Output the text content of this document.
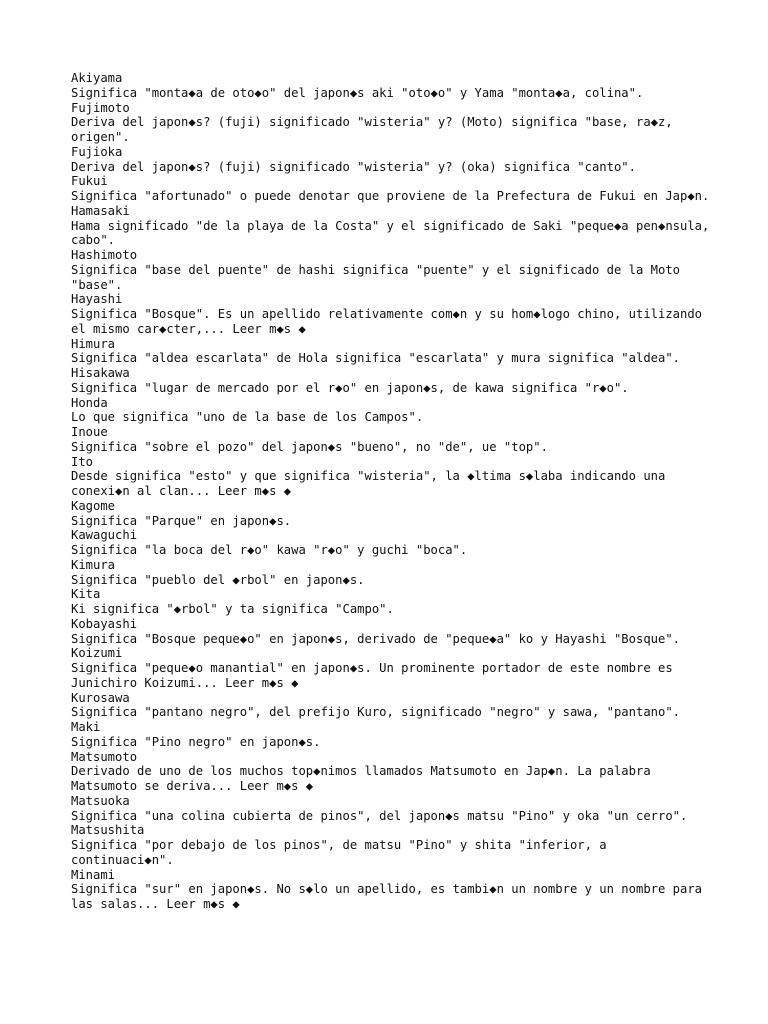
Akiyama
Significa "monta◆a de oto◆o" del japon◆s aki "oto◆o" y Yama "monta◆a, colina".
Fujimoto
Deriva del japon◆s? (fuji) significado "wisteria" y? (Moto) significa "base, ra◆z, origen".
Fujioka
Deriva del japon◆s? (fuji) significado "wisteria" y? (oka) significa "canto".
Fukui
Significa "afortunado" o puede denotar que proviene de la Prefectura de Fukui en Jap◆n.
Hamasaki
Hama significado "de la playa de la Costa" y el significado de Saki "peque◆a pen◆nsula, cabo".
Hashimoto
Significa "base del puente" de hashi significa "puente" y el significado de la Moto "base".
Hayashi
Significa "Bosque". Es un apellido relativamente com◆n y su hom◆logo chino, utilizando el mismo car◆cter,... Leer m◆s ◆
Himura
Significa "aldea escarlata" de Hola significa "escarlata" y mura significa "aldea".
Hisakawa
Significa "lugar de mercado por el r◆o" en japon◆s, de kawa significa "r◆o".
Honda
Lo que significa "uno de la base de los Campos".
Inoue
Significa "sobre el pozo" del japon◆s "bueno", no "de", ue "top".
Ito
Desde significa "esto" y que significa "wisteria", la ◆ltima s◆laba indicando una conexi◆n al clan... Leer m◆s ◆
Kagome
Significa "Parque" en japon◆s.
Kawaguchi
Significa "la boca del r◆o" kawa "r◆o" y guchi "boca".
Kimura
Significa "pueblo del ◆rbol" en japon◆s.
Kita
Ki significa "◆rbol" y ta significa "Campo".
Kobayashi
Significa "Bosque peque◆o" en japon◆s, derivado de "peque◆a" ko y Hayashi "Bosque".
Koizumi
Significa "peque◆o manantial" en japon◆s. Un prominente portador de este nombre es Junichiro Koizumi... Leer m◆s ◆
Kurosawa
Significa "pantano negro", del prefijo Kuro, significado "negro" y sawa, "pantano".
Maki
Significa "Pino negro" en japon◆s.
Matsumoto
Derivado de uno de los muchos top◆nimos llamados Matsumoto en Jap◆n. La palabra Matsumoto se deriva... Leer m◆s ◆
Matsuoka
Significa "una colina cubierta de pinos", del japon◆s matsu "Pino" y oka "un cerro".
Matsushita
Significa "por debajo de los pinos", de matsu "Pino" y shita "inferior, a continuaci◆n".
Minami
Significa "sur" en japon◆s. No s◆lo un apellido, es tambi◆n un nombre y un nombre para las salas... Leer m◆s ◆
